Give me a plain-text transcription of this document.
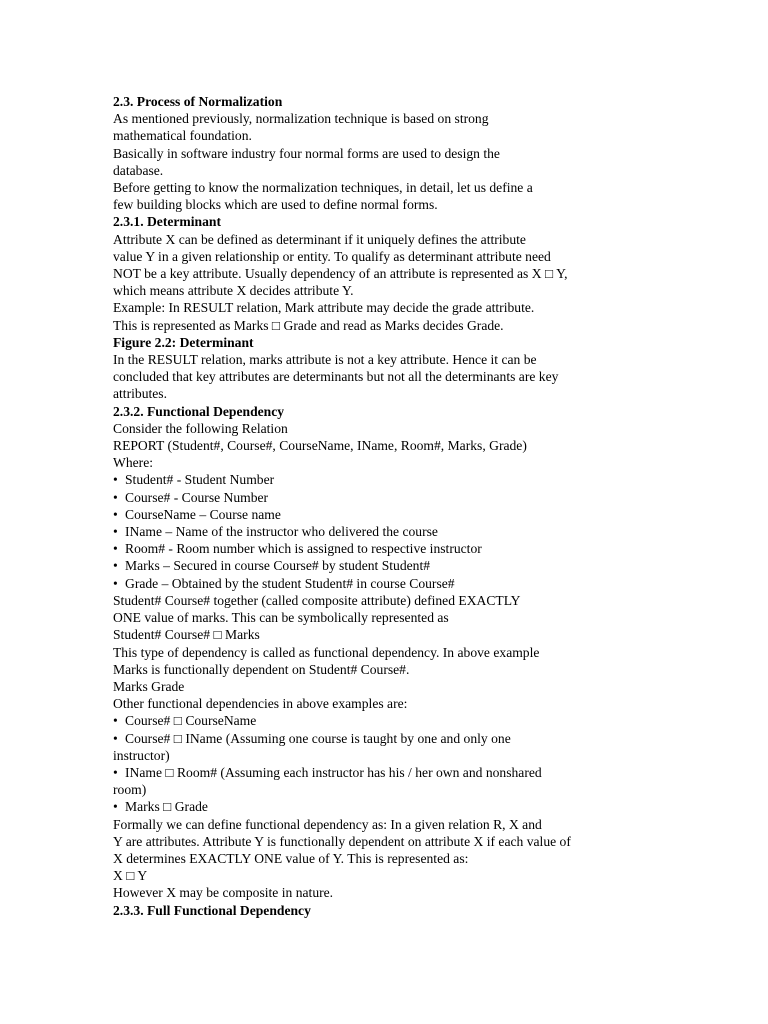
2.3. Process of Normalization
As mentioned previously, normalization technique is based on strong
mathematical foundation.
Basically in software industry four normal forms are used to design the
database.
Before getting to know the normalization techniques, in detail, let us define a
few building blocks which are used to define normal forms.
2.3.1. Determinant
Attribute X can be defined as determinant if it uniquely defines the attribute
value Y in a given relationship or entity. To qualify as determinant attribute need
NOT be a key attribute. Usually dependency of an attribute is represented as X □ Y,
which means attribute X decides attribute Y.
Example: In RESULT relation, Mark attribute may decide the grade attribute.
This is represented as Marks □ Grade and read as Marks decides Grade.
Figure 2.2: Determinant
In the RESULT relation, marks attribute is not a key attribute. Hence it can be
concluded that key attributes are determinants but not all the determinants are key
attributes.
2.3.2. Functional Dependency
Consider the following Relation
REPORT (Student#, Course#, CourseName, IName, Room#, Marks, Grade)
Where:
• Student# - Student Number
• Course# - Course Number
• CourseName – Course name
• IName – Name of the instructor who delivered the course
• Room# - Room number which is assigned to respective instructor
• Marks – Secured in course Course# by student Student#
• Grade – Obtained by the student Student# in course Course#
Student# Course# together (called composite attribute) defined EXACTLY
ONE value of marks. This can be symbolically represented as
Student# Course# □ Marks
This type of dependency is called as functional dependency. In above example
Marks is functionally dependent on Student# Course#.
Marks Grade
Other functional dependencies in above examples are:
• Course# □ CourseName
• Course# □ IName (Assuming one course is taught by one and only one
instructor)
• IName □ Room# (Assuming each instructor has his / her own and nonshared
room)
• Marks □ Grade
Formally we can define functional dependency as: In a given relation R, X and
Y are attributes. Attribute Y is functionally dependent on attribute X if each value of
X determines EXACTLY ONE value of Y. This is represented as:
X □ Y
However X may be composite in nature.
2.3.3. Full Functional Dependency
